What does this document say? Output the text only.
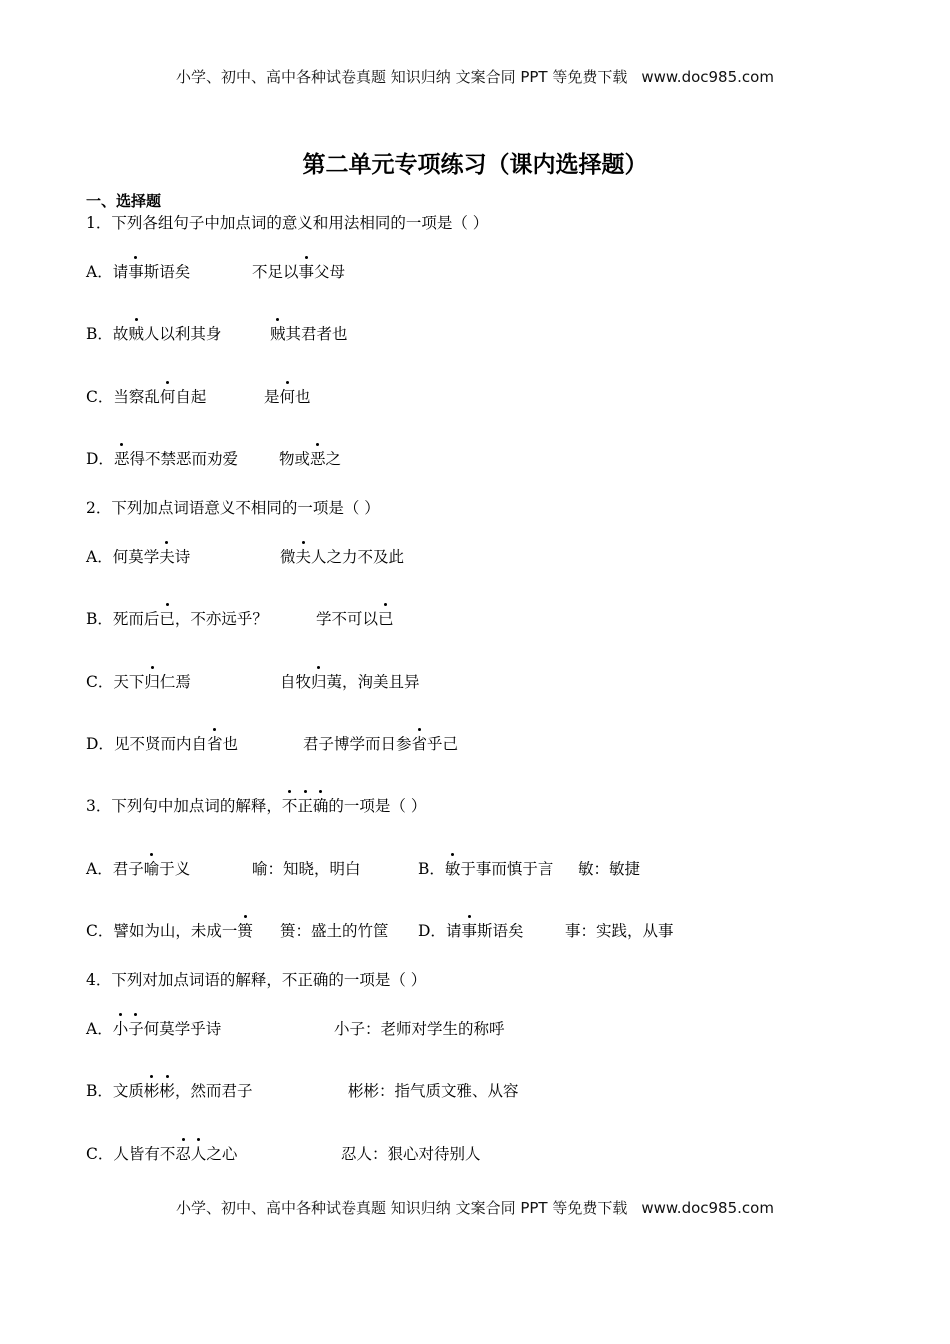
小学、初中、高中各种试卷真题 知识归纳 文案合同 PPT 等免费下载 www.doc985.com
第二单元专项练习（课内选择题）
一、选择题
1．下列各组句子中加点词的意义和用法相同的一项是（ ）
A．请事斯语矣	不足以事父母
B．故贼人以利其身	贼其君者也
C．当察乱何自起	是何也
D．恶得不禁恶而劝爱	物或恶之
2．下列加点词语意义不相同的一项是（ ）
A．何莫学夫诗	微夫人之力不及此
B．死而后已，不亦远乎？	学不可以已
C．天下归仁焉	自牧归荑，洵美且异
D．见不贤而内自省也	君子博学而日参省乎己
3．下列句中加点词的解释，不正确的一项是（ ）
A．君子喻于义	喻：知晓，明白	B．敏于事而慎于言 敏：敏捷
C．譬如为山，未成一篑 篑：盛土的竹筐 D．请事斯语矣	事：实践，从事
4．下列对加点词语的解释，不正确的一项是（ ）
A．小子何莫学乎诗	小子：老师对学生的称呼
B．文质彬彬，然而君子	彬彬：指气质文雅、从容
C．人皆有不忍人之心	忍人：狠心对待别人
小学、初中、高中各种试卷真题 知识归纳 文案合同 PPT 等免费下载 www.doc985.com
